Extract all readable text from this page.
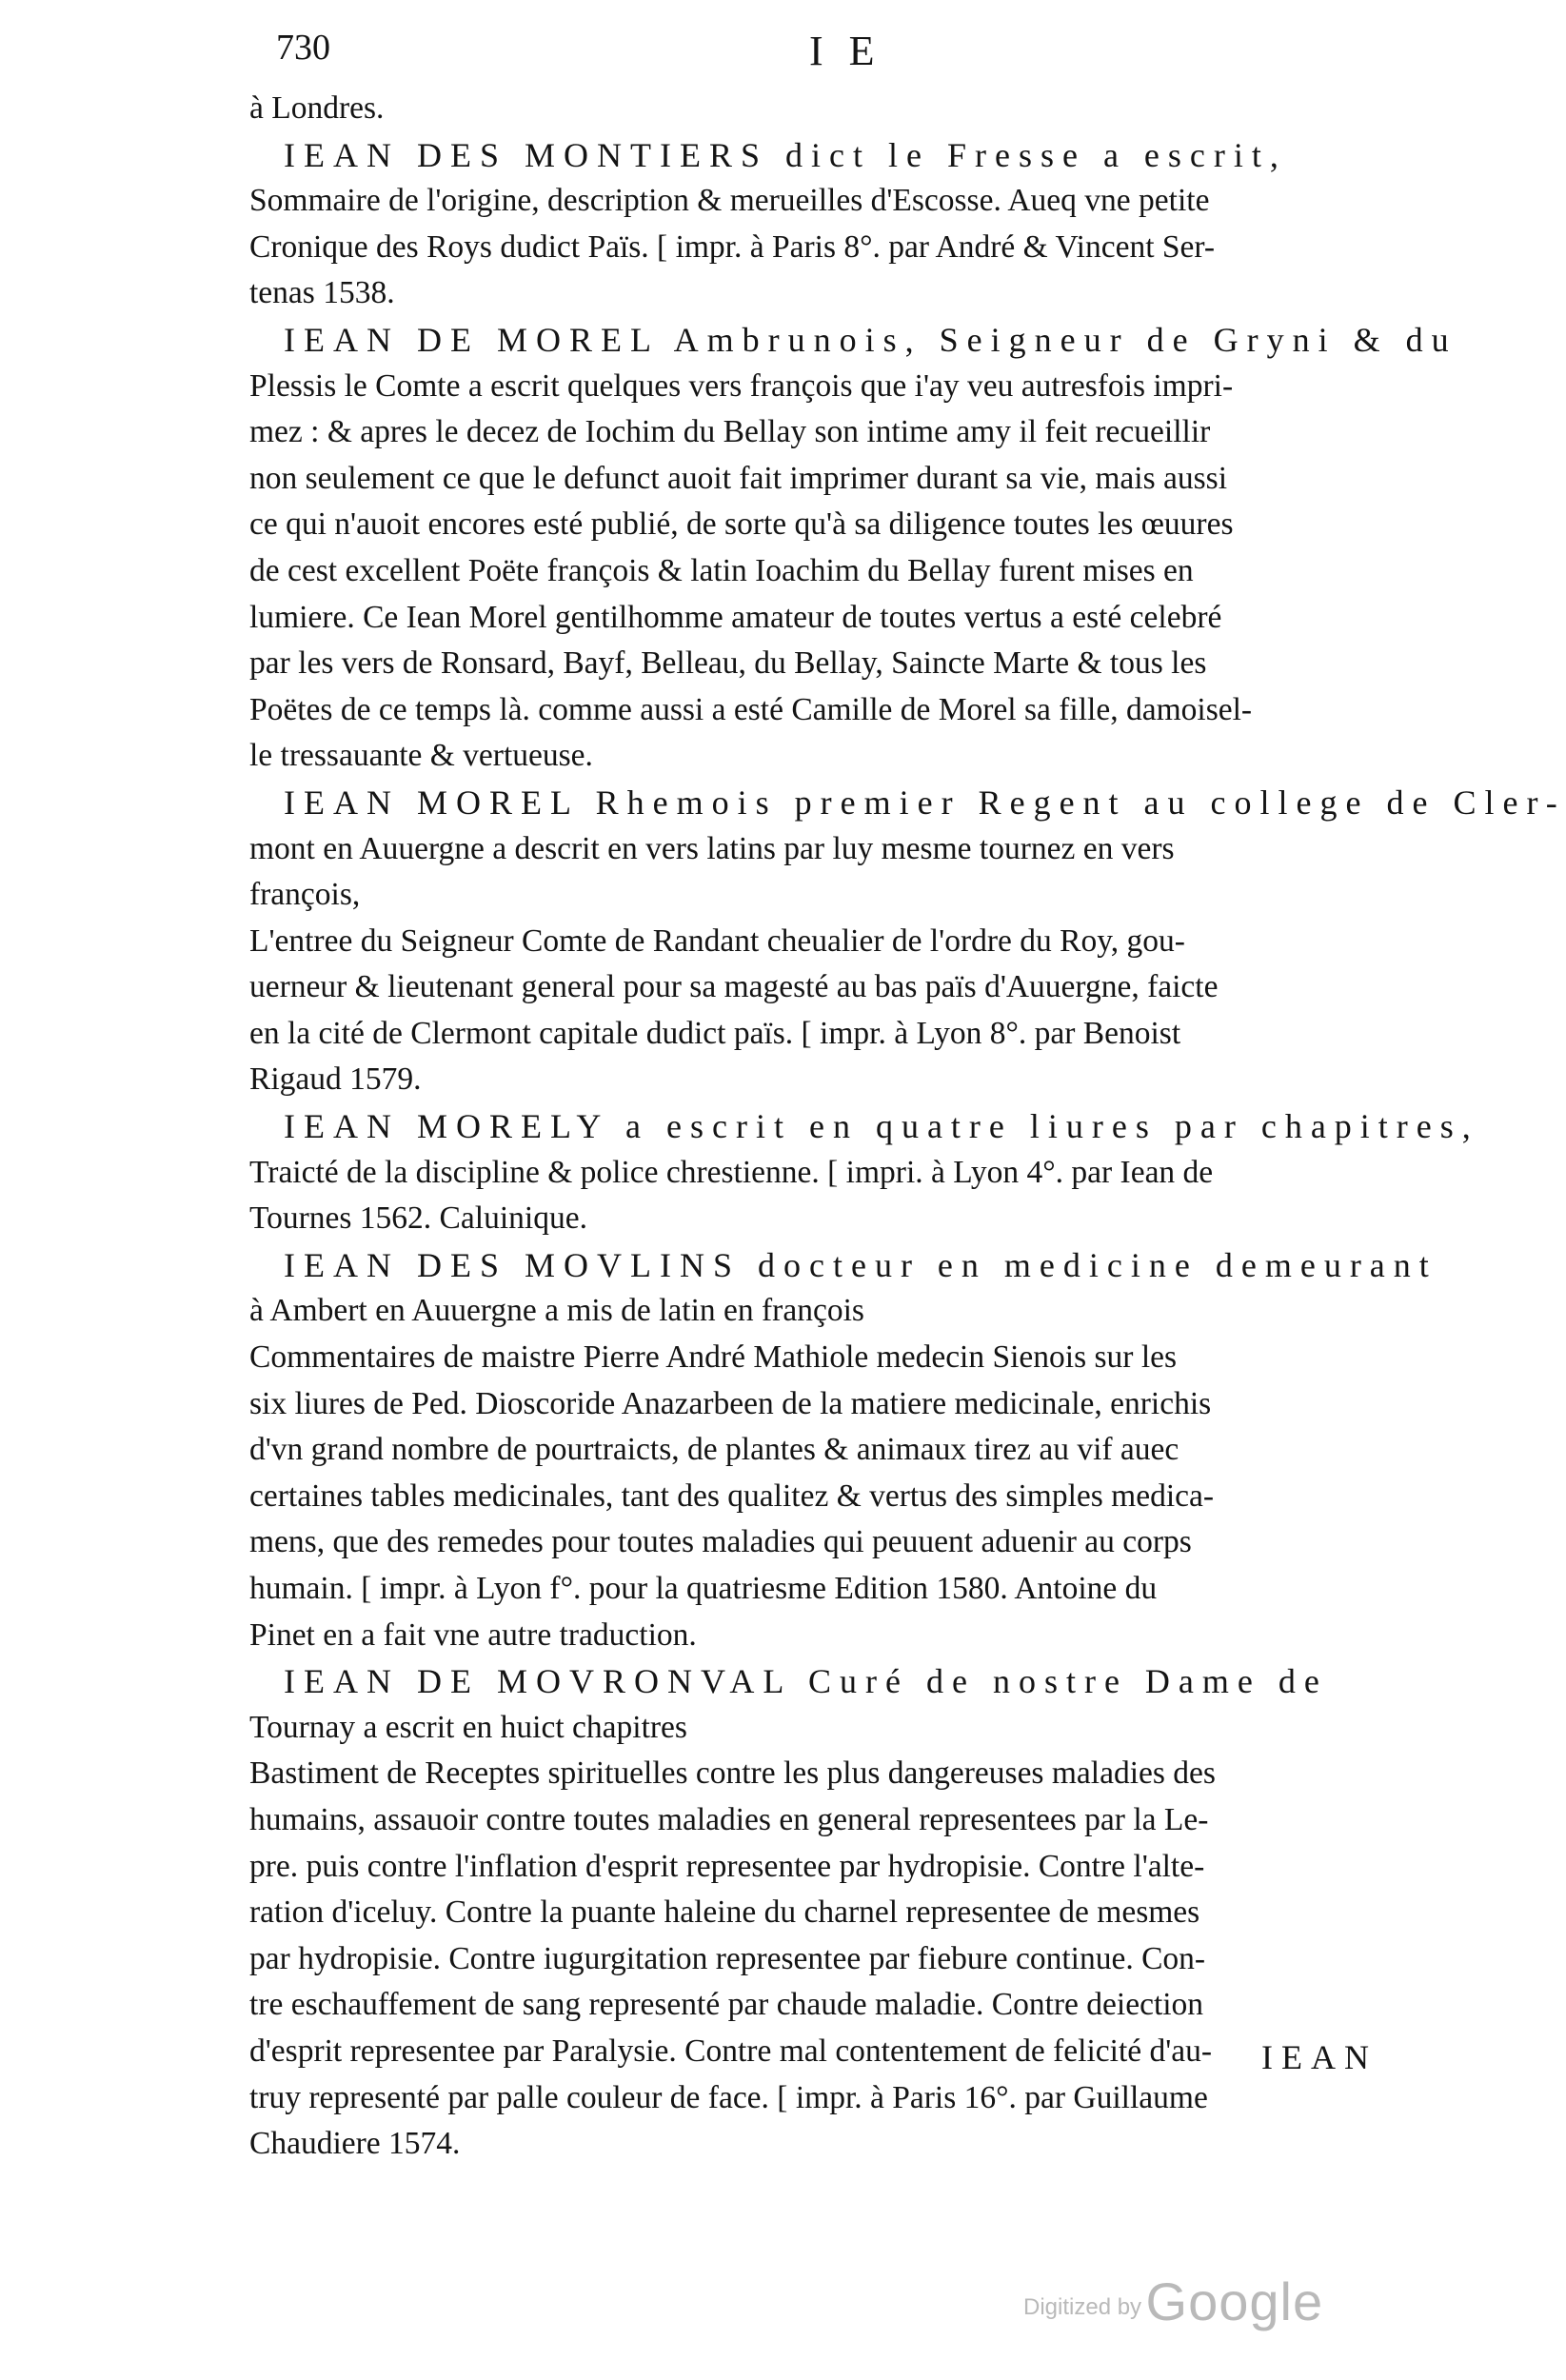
730	I E
à Londres.
IEAN DES MONTIERS dict le Fresse a escrit,
Sommaire de l'origine, description & merueilles d'Escosse. Aueq vne petite
Cronique des Roys dudict Païs. [ impr. à Paris 8°. par André & Vincent Ser-
tenas 1538.
IEAN DE MOREL Ambrunois, Seigneur de Gryni & du
Plessis le Comte a escrit quelques vers françois que i'ay veu autresfois impri-
mez : & apres le decez de Iochim du Bellay son intime amy il feit recueillir
non seulement ce que le defunct auoit fait imprimer durant sa vie, mais aussi
ce qui n'auoit encores esté publié, de sorte qu'à sa diligence toutes les œuures
de cest excellent Poëte françois & latin Ioachim du Bellay furent mises en
lumiere. Ce Iean Morel gentilhomme amateur de toutes vertus a esté celebré
par les vers de Ronsard, Bayf, Belleau, du Bellay, Saincte Marte & tous les
Poëtes de ce temps là. comme aussi a esté Camille de Morel sa fille, damoisel-
le tressauante & vertueuse.
IEAN MOREL Rhemois premier Regent au college de Cler-
mont en Auuergne a descrit en vers latins par luy mesme tournez en vers
françois,
L'entree du Seigneur Comte de Randant cheualier de l'ordre du Roy, gou-
uerneur & lieutenant general pour sa magesté au bas païs d'Auuergne, faicte
en la cité de Clermont capitale dudict païs. [ impr. à Lyon 8°. par Benoist
Rigaud 1579.
IEAN MORELY a escrit en quatre liures par chapitres,
Traicté de la discipline & police chrestienne. [ impri. à Lyon 4°. par Iean de
Tournes 1562. Caluinique.
IEAN DES MOVLINS docteur en medicine demeurant
à Ambert en Auuergne a mis de latin en françois
Commentaires de maistre Pierre André Mathiole medecin Sienois sur les
six liures de Ped. Dioscoride Anazarbeen de la matiere medicinale, enrichis
d'vn grand nombre de pourtraicts, de plantes & animaux tirez au vif auec
certaines tables medicinales, tant des qualitez & vertus des simples medica-
mens, que des remedes pour toutes maladies qui peuuent aduenir au corps
humain. [ impr. à Lyon f°. pour la quatriesme Edition 1580. Antoine du
Pinet en a fait vne autre traduction.
IEAN DE MOVRONVAL Curé de nostre Dame de
Tournay a escrit en huict chapitres
Bastiment de Receptes spirituelles contre les plus dangereuses maladies des
humains, assauoir contre toutes maladies en general representees par la Le-
pre. puis contre l'inflation d'esprit representee par hydropisie. Contre l'alte-
ration d'iceluy. Contre la puante haleine du charnel representee de mesmes
par hydropisie. Contre iugurgitation representee par fiebure continue. Con-
tre eschauffement de sang representé par chaude maladie. Contre deiection
d'esprit representee par Paralysie. Contre mal contentement de felicité d'au-
truy representé par palle couleur de face. [ impr. à Paris 16°. par Guillaume
Chaudiere 1574.
IEAN
Digitized by Google
